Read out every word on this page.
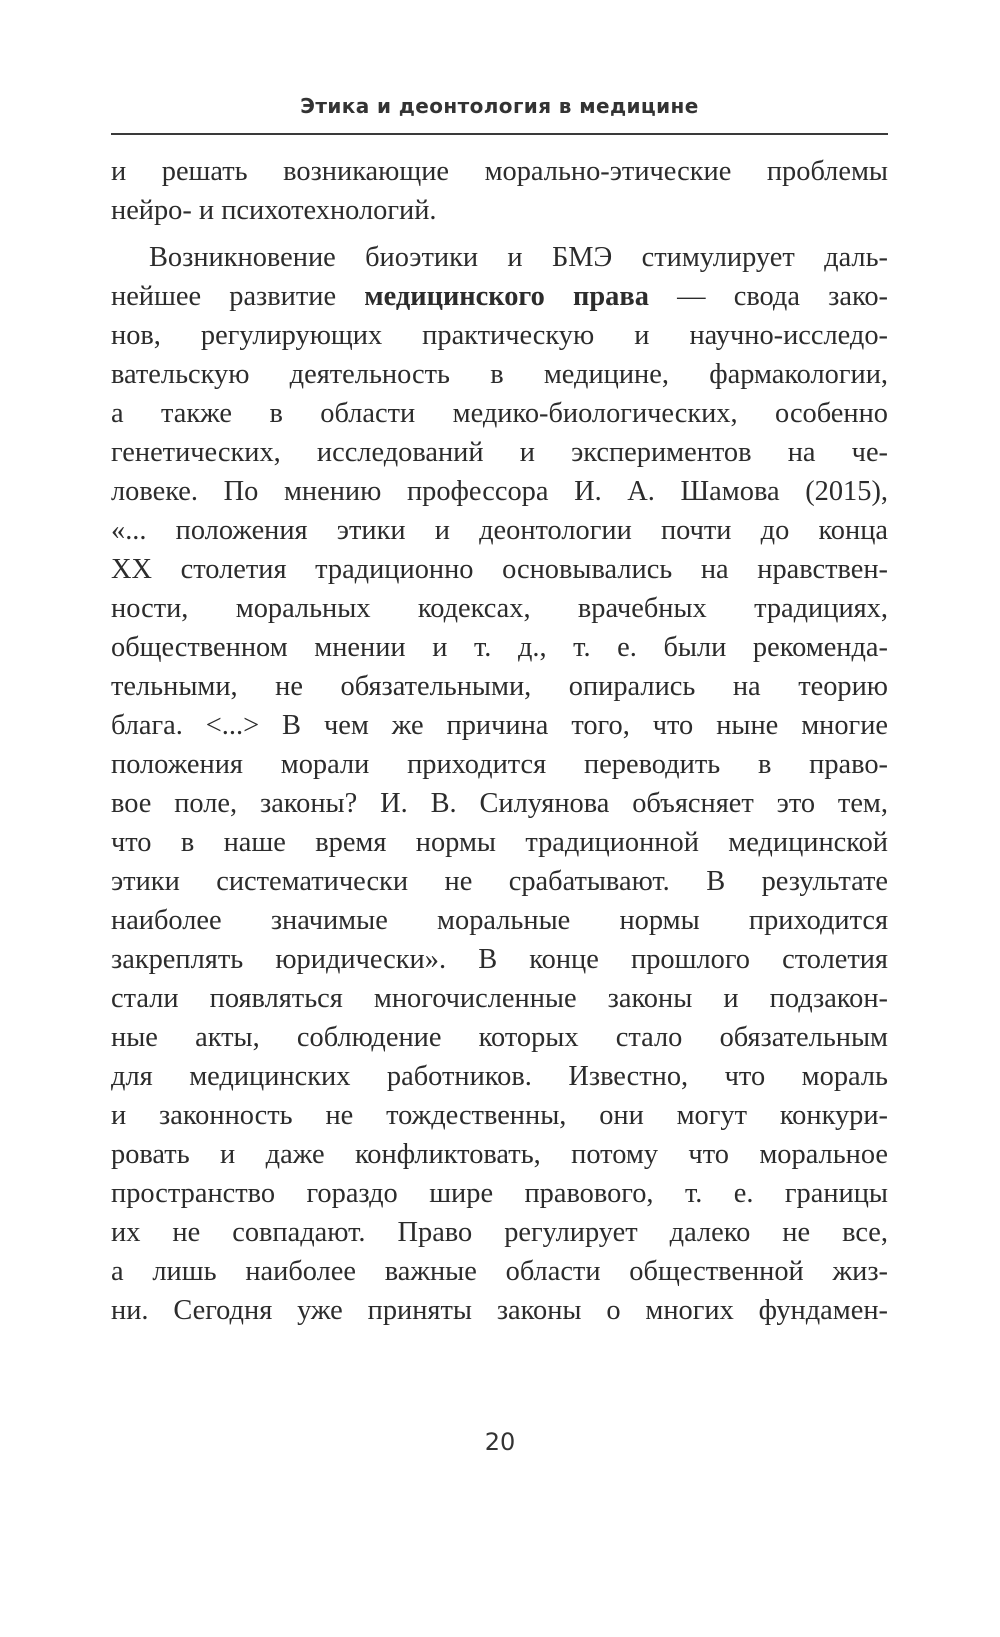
Этика и деонтология в медицине
и решать возникающие морально-этические проблемы
нейро- и психотехнологий.
Возникновение биоэтики и БМЭ стимулирует даль-
нейшее развитие медицинского права — свода зако-
нов, регулирующих практическую и научно-исследо-
вательскую деятельность в медицине, фармакологии,
а также в области медико-биологических, особенно
генетических, исследований и экспериментов на че-
ловеке. По мнению профессора И. А. Шамова (2015),
«... положения этики и деонтологии почти до конца
XX столетия традиционно основывались на нравствен-
ности, моральных кодексах, врачебных традициях,
общественном мнении и т. д., т. е. были рекоменда-
тельными, не обязательными, опирались на теорию
блага. <...> В чем же причина того, что ныне многие
положения морали приходится переводить в право-
вое поле, законы? И. В. Силуянова объясняет это тем,
что в наше время нормы традиционной медицинской
этики систематически не срабатывают. В результате
наиболее значимые моральные нормы приходится
закреплять юридически». В конце прошлого столетия
стали появляться многочисленные законы и подзакон-
ные акты, соблюдение которых стало обязательным
для медицинских работников. Известно, что мораль
и законность не тождественны, они могут конкури-
ровать и даже конфликтовать, потому что моральное
пространство гораздо шире правового, т. е. границы
их не совпадают. Право регулирует далеко не все,
а лишь наиболее важные области общественной жиз-
ни. Сегодня уже приняты законы о многих фундамен-
20
